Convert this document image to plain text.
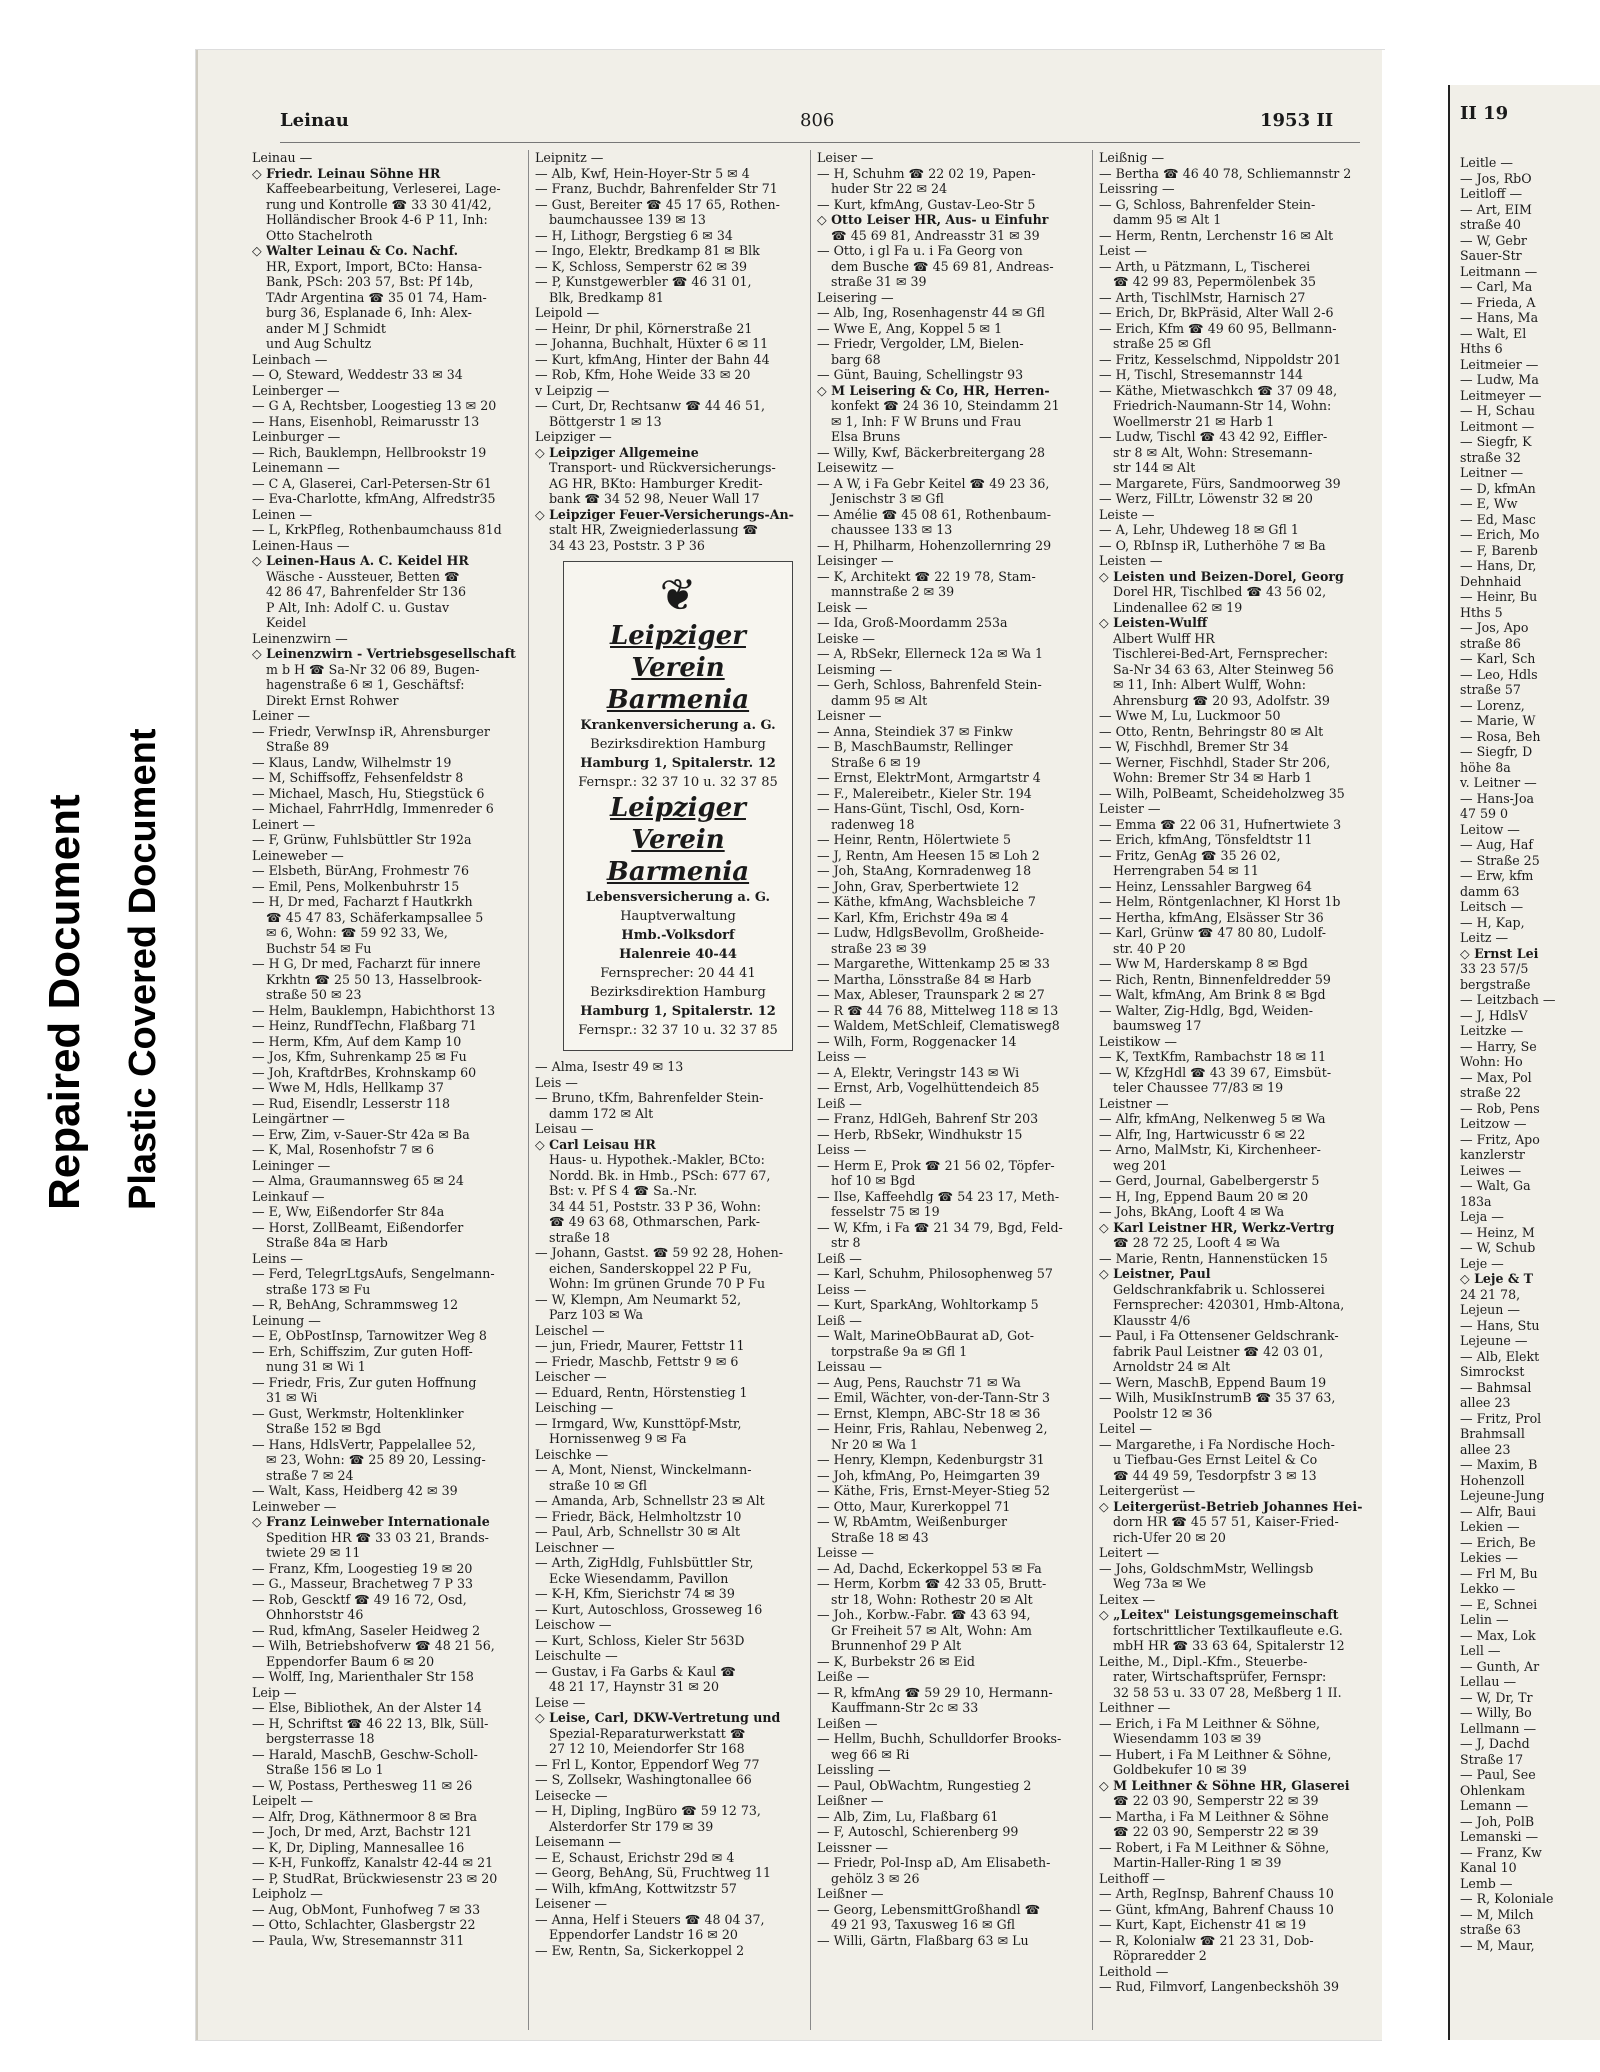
Repaired Document Plastic Covered Document
Leinau	806	1953 II
Leinau —
◇ Friedr. Leinau Söhne HR
Kaffeebearbeitung, Verleserei, Lage-
rung und Kontrolle ☎ 33 30 41/42,
Holländischer Brook 4-6 P 11, Inh:
Otto Stachelroth
◇ Walter Leinau & Co. Nachf.
HR, Export, Import, BCto: Hansa-
Bank, PSch: 203 57, Bst: Pf 14b,
TAdr Argentina ☎ 35 01 74, Ham-
burg 36, Esplanade 6, Inh: Alex-
ander M J Schmidt
und Aug Schultz
Leinbach —
— O, Steward, Weddestr 33 ✉ 34
Leinberger —
— G A, Rechtsber, Loogestieg 13 ✉ 20
— Hans, Eisenhobl, Reimarusstr 13
Leinburger —
— Rich, Bauklempn, Hellbrookstr 19
Leinemann —
— C A, Glaserei, Carl-Petersen-Str 61
— Eva-Charlotte, kfmAng, Alfredstr35
Leinen —
— L, KrkPfleg, Rothenbaumchauss 81d
Leinen-Haus —
◇ Leinen-Haus A. C. Keidel HR
Wäsche - Aussteuer, Betten ☎
42 86 47, Bahrenfelder Str 136
P Alt, Inh: Adolf C. u. Gustav
Keidel
Leinenzwirn —
◇ Leinenzwirn - Vertriebsgesellschaft
m b H ☎ Sa-Nr 32 06 89, Bugen-
hagenstraße 6 ✉ 1, Geschäftsf:
Direkt Ernst Rohwer
Leiner —
— Friedr, VerwInsp iR, Ahrensburger
Straße 89
— Klaus, Landw, Wilhelmstr 19
— M, Schiffsoffz, Fehsenfeldstr 8
— Michael, Masch, Hu, Stiegstück 6
— Michael, FahrrHdlg, Immenreder 6
Leinert —
— F, Grünw, Fuhlsbüttler Str 192a
Leineweber —
— Elsbeth, BürAng, Frohmestr 76
— Emil, Pens, Molkenbuhrstr 15
— H, Dr med, Facharzt f Hautkrkh
☎ 45 47 83, Schäferkampsallee 5
✉ 6, Wohn: ☎ 59 92 33, We,
Buchstr 54 ✉ Fu
— H G, Dr med, Facharzt für innere
Krkhtn ☎ 25 50 13, Hasselbrook-
straße 50 ✉ 23
— Helm, Bauklempn, Habichthorst 13
— Heinz, RundfTechn, Flaßbarg 71
— Herm, Kfm, Auf dem Kamp 10
— Jos, Kfm, Suhrenkamp 25 ✉ Fu
— Joh, KraftdrBes, Krohnskamp 60
— Wwe M, Hdls, Hellkamp 37
— Rud, Eisendlr, Lesserstr 118
Leingärtner —
— Erw, Zim, v-Sauer-Str 42a ✉ Ba
— K, Mal, Rosenhofstr 7 ✉ 6
Leininger —
— Alma, Graumannsweg 65 ✉ 24
Leinkauf —
— E, Ww, Eißendorfer Str 84a
— Horst, ZollBeamt, Eißendorfer
Straße 84a ✉ Harb
Leins —
— Ferd, TelegrLtgsAufs, Sengelmann-
straße 173 ✉ Fu
— R, BehAng, Schrammsweg 12
Leinung —
— E, ObPostInsp, Tarnowitzer Weg 8
— Erh, Schiffszim, Zur guten Hoff-
nung 31 ✉ Wi 1
— Friedr, Fris, Zur guten Hoffnung
31 ✉ Wi
— Gust, Werkmstr, Holtenklinker
Straße 152 ✉ Bgd
— Hans, HdlsVertr, Pappelallee 52,
✉ 23, Wohn: ☎ 25 89 20, Lessing-
straße 7 ✉ 24
— Walt, Kass, Heidberg 42 ✉ 39
Leinweber —
◇ Franz Leinweber Internationale
Spedition HR ☎ 33 03 21, Brands-
twiete 29 ✉ 11
— Franz, Kfm, Loogestieg 19 ✉ 20
— G., Masseur, Brachetweg 7 P 33
— Rob, Gescktf ☎ 49 16 72, Osd,
Ohnhorststr 46
— Rud, kfmAng, Saseler Heidweg 2
— Wilh, Betriebshofverw ☎ 48 21 56,
Eppendorfer Baum 6 ✉ 20
— Wolff, Ing, Marienthaler Str 158
Leip —
— Else, Bibliothek, An der Alster 14
— H, Schriftst ☎ 46 22 13, Blk, Süll-
bergsterrasse 18
— Harald, MaschB, Geschw-Scholl-
Straße 156 ✉ Lo 1
— W, Postass, Perthesweg 11 ✉ 26
Leipelt —
— Alfr, Drog, Käthnermoor 8 ✉ Bra
— Joch, Dr med, Arzt, Bachstr 121
— K, Dr, Dipling, Mannesallee 16
— K-H, Funkoffz, Kanalstr 42-44 ✉ 21
— P, StudRat, Brückwiesenstr 23 ✉ 20
Leipholz —
— Aug, ObMont, Funhofweg 7 ✉ 33
— Otto, Schlachter, Glasbergstr 22
— Paula, Ww, Stresemannstr 311
Leipnitz —
— Alb, Kwf, Hein-Hoyer-Str 5 ✉ 4
— Franz, Buchdr, Bahrenfelder Str 71
— Gust, Bereiter ☎ 45 17 65, Rothen-
baumchaussee 139 ✉ 13
— H, Lithogr, Bergstieg 6 ✉ 34
— Ingo, Elektr, Bredkamp 81 ✉ Blk
— K, Schloss, Semperstr 62 ✉ 39
— P, Kunstgewerbler ☎ 46 31 01,
Blk, Bredkamp 81
Leipold —
— Heinr, Dr phil, Körnerstraße 21
— Johanna, Buchhalt, Hüxter 6 ✉ 11
— Kurt, kfmAng, Hinter der Bahn 44
— Rob, Kfm, Hohe Weide 33 ✉ 20
v Leipzig —
— Curt, Dr, Rechtsanw ☎ 44 46 51,
Böttgerstr 1 ✉ 13
Leipziger —
◇ Leipziger Allgemeine
Transport- und Rückversicherungs-
AG HR, BKto: Hamburger Kredit-
bank ☎ 34 52 98, Neuer Wall 17
◇ Leipziger Feuer-Versicherungs-An-
stalt HR, Zweigniederlassung ☎
34 43 23, Poststr. 3 P 36
❦
Leipziger Verein Barmenia
Krankenversicherung a. G.
Bezirksdirektion Hamburg
Hamburg 1, Spitalerstr. 12
Fernspr.: 32 37 10 u. 32 37 85
Leipziger Verein Barmenia
Lebensversicherung a. G.
Hauptverwaltung
Hmb.-Volksdorf
Halenreie 40-44
Fernsprecher: 20 44 41
Bezirksdirektion Hamburg
Hamburg 1, Spitalerstr. 12
Fernspr.: 32 37 10 u. 32 37 85
— Alma, Isestr 49 ✉ 13
Leis —
— Bruno, tKfm, Bahrenfelder Stein-
damm 172 ✉ Alt
Leisau —
◇ Carl Leisau HR
Haus- u. Hypothek.-Makler, BCto:
Nordd. Bk. in Hmb., PSch: 677 67,
Bst: v. Pf S 4 ☎ Sa.-Nr.
34 44 51, Poststr. 33 P 36, Wohn:
☎ 49 63 68, Othmarschen, Park-
straße 18
— Johann, Gastst. ☎ 59 92 28, Hohen-
eichen, Sanderskoppel 22 P Fu,
Wohn: Im grünen Grunde 70 P Fu
— W, Klempn, Am Neumarkt 52,
Parz 103 ✉ Wa
Leischel —
— jun, Friedr, Maurer, Fettstr 11
— Friedr, Maschb, Fettstr 9 ✉ 6
Leischer —
— Eduard, Rentn, Hörstenstieg 1
Leisching —
— Irmgard, Ww, Kunsttöpf-Mstr,
Hornissenweg 9 ✉ Fa
Leischke —
— A, Mont, Nienst, Winckelmann-
straße 10 ✉ Gfl
— Amanda, Arb, Schnellstr 23 ✉ Alt
— Friedr, Bäck, Helmholtzstr 10
— Paul, Arb, Schnellstr 30 ✉ Alt
Leischner —
— Arth, ZigHdlg, Fuhlsbüttler Str,
Ecke Wiesendamm, Pavillon
— K-H, Kfm, Sierichstr 74 ✉ 39
— Kurt, Autoschloss, Grosseweg 16
Leischow —
— Kurt, Schloss, Kieler Str 563D
Leischulte —
— Gustav, i Fa Garbs & Kaul ☎
48 21 17, Haynstr 31 ✉ 20
Leise —
◇ Leise, Carl, DKW-Vertretung und
Spezial-Reparaturwerkstatt ☎
27 12 10, Meiendorfer Str 168
— Frl L, Kontor, Eppendorf Weg 77
— S, Zollsekr, Washingtonallee 66
Leisecke —
— H, Dipling, IngBüro ☎ 59 12 73,
Alsterdorfer Str 179 ✉ 39
Leisemann —
— E, Schaust, Erichstr 29d ✉ 4
— Georg, BehAng, Sü, Fruchtweg 11
— Wilh, kfmAng, Kottwitzstr 57
Leisener —
— Anna, Helf i Steuers ☎ 48 04 37,
Eppendorfer Landstr 16 ✉ 20
— Ew, Rentn, Sa, Sickerkoppel 2
Leiser —
— H, Schuhm ☎ 22 02 19, Papen-
huder Str 22 ✉ 24
— Kurt, kfmAng, Gustav-Leo-Str 5
◇ Otto Leiser HR, Aus- u Einfuhr
☎ 45 69 81, Andreasstr 31 ✉ 39
— Otto, i gl Fa u. i Fa Georg von
dem Busche ☎ 45 69 81, Andreas-
straße 31 ✉ 39
Leisering —
— Alb, Ing, Rosenhagenstr 44 ✉ Gfl
— Wwe E, Ang, Koppel 5 ✉ 1
— Friedr, Vergolder, LM, Bielen-
barg 68
— Günt, Bauing, Schellingstr 93
◇ M Leisering & Co, HR, Herren-
konfekt ☎ 24 36 10, Steindamm 21
✉ 1, Inh: F W Bruns und Frau
Elsa Bruns
— Willy, Kwf, Bäckerbreitergang 28
Leisewitz —
— A W, i Fa Gebr Keitel ☎ 49 23 36,
Jenischstr 3 ✉ Gfl
— Amélie ☎ 45 08 61, Rothenbaum-
chaussee 133 ✉ 13
— H, Philharm, Hohenzollernring 29
Leisinger —
— K, Architekt ☎ 22 19 78, Stam-
mannstraße 2 ✉ 39
Leisk —
— Ida, Groß-Moordamm 253a
Leiske —
— A, RbSekr, Ellerneck 12a ✉ Wa 1
Leisming —
— Gerh, Schloss, Bahrenfeld Stein-
damm 95 ✉ Alt
Leisner —
— Anna, Steindiek 37 ✉ Finkw
— B, MaschBaumstr, Rellinger
Straße 6 ✉ 19
— Ernst, ElektrMont, Armgartstr 4
— F., Malereibetr., Kieler Str. 194
— Hans-Günt, Tischl, Osd, Korn-
radenweg 18
— Heinr, Rentn, Hölertwiete 5
— J, Rentn, Am Heesen 15 ✉ Loh 2
— Joh, StaAng, Kornradenweg 18
— John, Grav, Sperbertwiete 12
— Käthe, kfmAng, Wachsbleiche 7
— Karl, Kfm, Erichstr 49a ✉ 4
— Ludw, HdlgsBevollm, Großheide-
straße 23 ✉ 39
— Margarethe, Wittenkamp 25 ✉ 33
— Martha, Lönsstraße 84 ✉ Harb
— Max, Ableser, Traunspark 2 ✉ 27
— R ☎ 44 76 88, Mittelweg 118 ✉ 13
— Waldem, MetSchleif, Clematisweg8
— Wilh, Form, Roggenacker 14
Leiss —
— A, Elektr, Veringstr 143 ✉ Wi
— Ernst, Arb, Vogelhüttendeich 85
Leiß —
— Franz, HdlGeh, Bahrenf Str 203
— Herb, RbSekr, Windhukstr 15
Leiss —
— Herm E, Prok ☎ 21 56 02, Töpfer-
hof 10 ✉ Bgd
— Ilse, Kaffeehdlg ☎ 54 23 17, Meth-
fesselstr 75 ✉ 19
— W, Kfm, i Fa ☎ 21 34 79, Bgd, Feld-
str 8
Leiß —
— Karl, Schuhm, Philosophenweg 57
Leiss —
— Kurt, SparkAng, Wohltorkamp 5
Leiß —
— Walt, MarineObBaurat aD, Got-
torpstraße 9a ✉ Gfl 1
Leissau —
— Aug, Pens, Rauchstr 71 ✉ Wa
— Emil, Wächter, von-der-Tann-Str 3
— Ernst, Klempn, ABC-Str 18 ✉ 36
— Heinr, Fris, Rahlau, Nebenweg 2,
Nr 20 ✉ Wa 1
— Henry, Klempn, Kedenburgstr 31
— Joh, kfmAng, Po, Heimgarten 39
— Käthe, Fris, Ernst-Meyer-Stieg 52
— Otto, Maur, Kurerkoppel 71
— W, RbAmtm, Weißenburger
Straße 18 ✉ 43
Leisse —
— Ad, Dachd, Eckerkoppel 53 ✉ Fa
— Herm, Korbm ☎ 42 33 05, Brutt-
str 18, Wohn: Rothestr 20 ✉ Alt
— Joh., Korbw.-Fabr. ☎ 43 63 94,
Gr Freiheit 57 ✉ Alt, Wohn: Am
Brunnenhof 29 P Alt
— K, Burbekstr 26 ✉ Eid
Leiße —
— R, kfmAng ☎ 59 29 10, Hermann-
Kauffmann-Str 2c ✉ 33
Leißen —
— Hellm, Buchh, Schulldorfer Brooks-
weg 66 ✉ Ri
Leissling —
— Paul, ObWachtm, Rungestieg 2
Leißner —
— Alb, Zim, Lu, Flaßbarg 61
— F, Autoschl, Schierenberg 99
Leissner —
— Friedr, Pol-Insp aD, Am Elisabeth-
gehölz 3 ✉ 26
Leißner —
— Georg, LebensmittGroßhandl ☎
49 21 93, Taxusweg 16 ✉ Gfl
— Willi, Gärtn, Flaßbarg 63 ✉ Lu
Leißnig —
— Bertha ☎ 46 40 78, Schliemannstr 2
Leissring —
— G, Schloss, Bahrenfelder Stein-
damm 95 ✉ Alt 1
— Herm, Rentn, Lerchenstr 16 ✉ Alt
Leist —
— Arth, u Pätzmann, L, Tischerei
☎ 42 99 83, Pepermölenbek 35
— Arth, TischlMstr, Harnisch 27
— Erich, Dr, BkPräsid, Alter Wall 2-6
— Erich, Kfm ☎ 49 60 95, Bellmann-
straße 25 ✉ Gfl
— Fritz, Kesselschmd, Nippoldstr 201
— H, Tischl, Stresemannstr 144
— Käthe, Mietwaschkch ☎ 37 09 48,
Friedrich-Naumann-Str 14, Wohn:
Woellmerstr 21 ✉ Harb 1
— Ludw, Tischl ☎ 43 42 92, Eiffler-
str 8 ✉ Alt, Wohn: Stresemann-
str 144 ✉ Alt
— Margarete, Fürs, Sandmoorweg 39
— Werz, FilLtr, Löwenstr 32 ✉ 20
Leiste —
— A, Lehr, Uhdeweg 18 ✉ Gfl 1
— O, RbInsp iR, Lutherhöhe 7 ✉ Ba
Leisten —
◇ Leisten und Beizen-Dorel, Georg
Dorel HR, Tischlbed ☎ 43 56 02,
Lindenallee 62 ✉ 19
◇ Leisten-Wulff
Albert Wulff HR
Tischlerei-Bed-Art, Fernsprecher:
Sa-Nr 34 63 63, Alter Steinweg 56
✉ 11, Inh: Albert Wulff, Wohn:
Ahrensburg ☎ 20 93, Adolfstr. 39
— Wwe M, Lu, Luckmoor 50
— Otto, Rentn, Behringstr 80 ✉ Alt
— W, Fischhdl, Bremer Str 34
— Werner, Fischhdl, Stader Str 206,
Wohn: Bremer Str 34 ✉ Harb 1
— Wilh, PolBeamt, Scheideholzweg 35
Leister —
— Emma ☎ 22 06 31, Hufnertwiete 3
— Erich, kfmAng, Tönsfeldtstr 11
— Fritz, GenAg ☎ 35 26 02,
Herrengraben 54 ✉ 11
— Heinz, Lenssahler Bargweg 64
— Helm, Röntgenlachner, Kl Horst 1b
— Hertha, kfmAng, Elsässer Str 36
— Karl, Grünw ☎ 47 80 80, Ludolf-
str. 40 P 20
— Ww M, Harderskamp 8 ✉ Bgd
— Rich, Rentn, Binnenfeldredder 59
— Walt, kfmAng, Am Brink 8 ✉ Bgd
— Walter, Zig-Hdlg, Bgd, Weiden-
baumsweg 17
Leistikow —
— K, TextKfm, Rambachstr 18 ✉ 11
— W, KfzgHdl ☎ 43 39 67, Eimsbüt-
teler Chaussee 77/83 ✉ 19
Leistner —
— Alfr, kfmAng, Nelkenweg 5 ✉ Wa
— Alfr, Ing, Hartwicusstr 6 ✉ 22
— Arno, MalMstr, Ki, Kirchenheer-
weg 201
— Gerd, Journal, Gabelbergerstr 5
— H, Ing, Eppend Baum 20 ✉ 20
— Johs, BkAng, Looft 4 ✉ Wa
◇ Karl Leistner HR, Werkz-Vertrg
☎ 28 72 25, Looft 4 ✉ Wa
— Marie, Rentn, Hannenstücken 15
◇ Leistner, Paul
Geldschrankfabrik u. Schlosserei
Fernsprecher: 420301, Hmb-Altona,
Klausstr 4/6
— Paul, i Fa Ottensener Geldschrank-
fabrik Paul Leistner ☎ 42 03 01,
Arnoldstr 24 ✉ Alt
— Wern, MaschB, Eppend Baum 19
— Wilh, MusikInstrumB ☎ 35 37 63,
Poolstr 12 ✉ 36
Leitel —
— Margarethe, i Fa Nordische Hoch-
u Tiefbau-Ges Ernst Leitel & Co
☎ 44 49 59, Tesdorpfstr 3 ✉ 13
Leitergerüst —
◇ Leitergerüst-Betrieb Johannes Hei-
dorn HR ☎ 45 57 51, Kaiser-Fried-
rich-Ufer 20 ✉ 20
Leitert —
— Johs, GoldschmMstr, Wellingsb
Weg 73a ✉ We
Leitex —
◇ „Leitex" Leistungsgemeinschaft
fortschrittlicher Textilkaufleute e.G.
mbH HR ☎ 33 63 64, Spitalerstr 12
Leithe, M., Dipl.-Kfm., Steuerbe-
rater, Wirtschaftsprüfer, Fernspr:
32 58 53 u. 33 07 28, Meßberg 1 II.
Leithner —
— Erich, i Fa M Leithner & Söhne,
Wiesendamm 103 ✉ 39
— Hubert, i Fa M Leithner & Söhne,
Goldbekufer 10 ✉ 39
◇ M Leithner & Söhne HR, Glaserei
☎ 22 03 90, Semperstr 22 ✉ 39
— Martha, i Fa M Leithner & Söhne
☎ 22 03 90, Semperstr 22 ✉ 39
— Robert, i Fa M Leithner & Söhne,
Martin-Haller-Ring 1 ✉ 39
Leithoff —
— Arth, RegInsp, Bahrenf Chauss 10
— Günt, kfmAng, Bahrenf Chauss 10
— Kurt, Kapt, Eichenstr 41 ✉ 19
— R, Kolonialw ☎ 21 23 31, Dob-
Röpraredder 2
Leithold —
— Rud, Filmvorf, Langenbeckshöh 39
II 19
Leitle —
— Jos, RbO
Leitloff —
— Art, EIM
straße 40
— W, Gebr
Sauer-Str
Leitmann —
— Carl, Ma
— Frieda, A
— Hans, Ma
— Walt, El
Hths 6
Leitmeier —
— Ludw, Ma
Leitmeyer —
— H, Schau
Leitmont —
— Siegfr, K
straße 32
Leitner —
— D, kfmAn
— E, Ww
— Ed, Masc
— Erich, Mo
— F, Barenb
— Hans, Dr,
Dehnhaid
— Heinr, Bu
Hths 5
— Jos, Apo
straße 86
— Karl, Sch
— Leo, Hdls
straße 57
— Lorenz,
— Marie, W
— Rosa, Beh
— Siegfr, D
höhe 8a
v. Leitner —
— Hans-Joa
47 59 0
Leitow —
— Aug, Haf
— Straße 25
— Erw, kfm
damm 63
Leitsch —
— H, Kap,
Leitz —
◇ Ernst Lei
33 23 57/5
bergstraße
— Leitzbach —
— J, HdlsV
Leitzke —
— Harry, Se
Wohn: Ho
— Max, Pol
straße 22
— Rob, Pens
Leitzow —
— Fritz, Apo
kanzlerstr
Leiwes —
— Walt, Ga
183a
Leja —
— Heinz, M
— W, Schub
Leje —
◇ Leje & T
24 21 78,
Lejeun —
— Hans, Stu
Lejeune —
— Alb, Elekt
Simrockst
— Bahmsal
allee 23
— Fritz, Prol
Brahmsall
allee 23
— Maxim, B
Hohenzoll
Lejeune-Jung
— Alfr, Baui
Lekien —
— Erich, Be
Lekies —
— Frl M, Bu
Lekko —
— E, Schnei
Lelin —
— Max, Lok
Lell —
— Gunth, Ar
Lellau —
— W, Dr, Tr
— Willy, Bo
Lellmann —
— J, Dachd
Straße 17
— Paul, See
Ohlenkam
Lemann —
— Joh, PolB
Lemanski —
— Franz, Kw
Kanal 10
Lemb —
— R, Koloniale
— M, Milch
straße 63
— M, Maur,
